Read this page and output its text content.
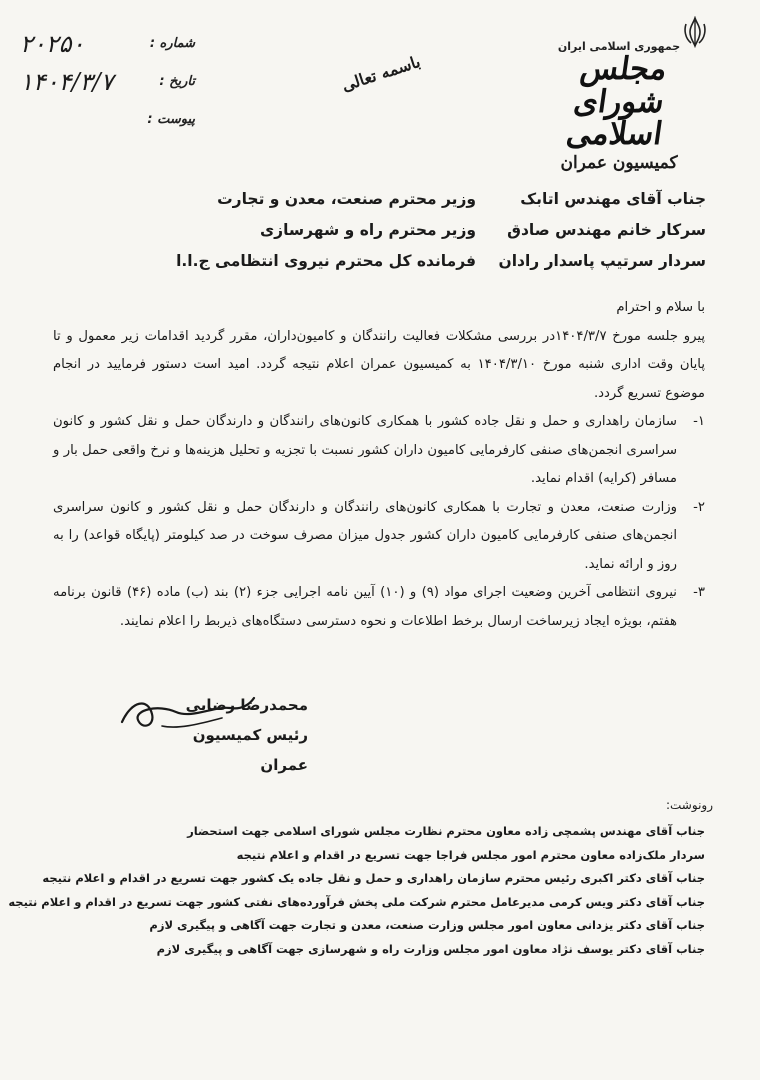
جمهوری اسلامی ایران
مجلس شورای اسلامی
کمیسیون عمران
باسمه تعالی
شماره :
۲۰۲۵۰
تاریخ :
۱۴۰۴/۳/۷
پیوست :
جناب آقای مهندس اتابک
سرکار خانم مهندس صادق
سردار سرتیپ پاسدار رادان
وزیر محترم صنعت، معدن و تجارت
وزیر محترم راه و شهرسازی
فرمانده کل محترم نیروی انتظامی ج.ا.ا

با سلام و احترام

پیرو جلسه مورخ ۱۴۰۴/۳/۷در بررسی مشکلات فعالیت رانندگان و کامیون‌داران، مقرر گردید اقدامات زیر معمول و تا پایان وقت اداری شنبه مورخ ۱۴۰۴/۳/۱۰ به کمیسیون عمران اعلام نتیجه گردد. امید است دستور فرمایید در انجام موضوع تسریع گردد.

۱-
سازمان راهداری و حمل و نقل جاده کشور با همکاری کانون‌های رانندگان و دارندگان حمل و نقل کشور و کانون سراسری انجمن‌های صنفی کارفرمایی کامیون داران کشور نسبت با تجزیه و تحلیل هزینه‌ها و نرخ واقعی حمل بار و مسافر (کرایه) اقدام نماید.
۲-
وزارت صنعت، معدن و تجارت با همکاری کانون‌های رانندگان و دارندگان حمل و نقل کشور و کانون سراسری انجمن‌های صنفی کارفرمایی کامیون داران کشور جدول میزان مصرف سوخت در صد کیلومتر (پایگاه قواعد) را به روز و ارائه نماید.
۳-
نیروی انتظامی آخرین وضعیت اجرای مواد (۹) و (۱۰) آیین نامه اجرایی جزء (۲) بند (ب) ماده (۴۶) قانون برنامه هفتم، بویژه ایجاد زیرساخت ارسال برخط اطلاعات و نحوه دسترسی دستگاه‌های ذیربط را اعلام نمایند.
محمدرضا رضایی
رئیس کمیسیون عمران
رونوشت:
جناب آقای مهندس پشمچی زاده معاون محترم نظارت مجلس شورای اسلامی جهت استحضار
سردار ملک‌زاده معاون محترم امور مجلس فراجا جهت تسریع در اقدام و اعلام نتیجه
جناب آقای دکتر اکبری رئیس محترم سازمان راهداری و حمل و نقل جاده یک کشور جهت تسریع در اقدام و اعلام نتیجه
جناب آقای دکتر ویس کرمی مدیرعامل محترم شرکت ملی پخش فرآورده‌های نفتی کشور جهت تسریع در اقدام و اعلام نتیجه
جناب آقای دکتر یزدانی معاون امور مجلس وزارت صنعت، معدن و تجارت جهت آگاهی و پیگیری لازم
جناب آقای دکتر یوسف نژاد معاون امور مجلس وزارت راه و شهرسازی جهت آگاهی و پیگیری لازم
